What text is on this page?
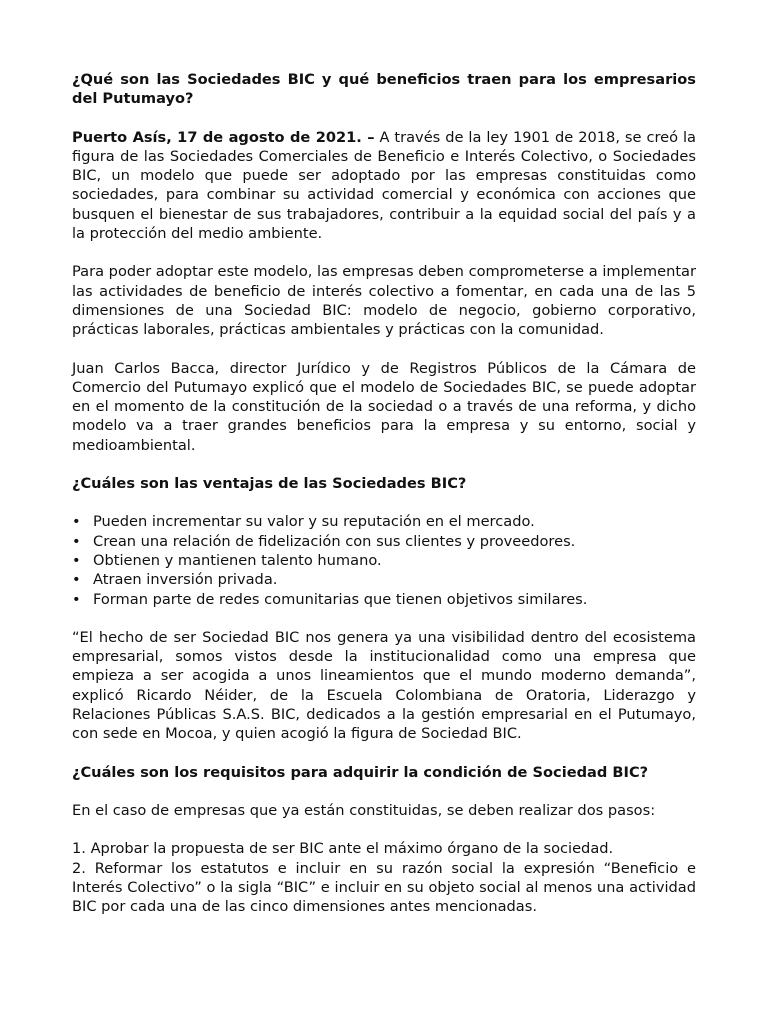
¿Qué son las Sociedades BIC y qué beneficios traen para los empresarios del Putumayo?

Puerto Asís, 17 de agosto de 2021. – A través de la ley 1901 de 2018, se creó la figura de las Sociedades Comerciales de Beneficio e Interés Colectivo, o Sociedades BIC, un modelo que puede ser adoptado por las empresas constituidas como sociedades, para combinar su actividad comercial y económica con acciones que busquen el bienestar de sus trabajadores, contribuir a la equidad social del país y a la protección del medio ambiente.

Para poder adoptar este modelo, las empresas deben comprometerse a implementar las actividades de beneficio de interés colectivo a fomentar, en cada una de las 5 dimensiones de una Sociedad BIC: modelo de negocio, gobierno corporativo, prácticas laborales, prácticas ambientales y prácticas con la comunidad.

Juan Carlos Bacca, director Jurídico y de Registros Públicos de la Cámara de Comercio del Putumayo explicó que el modelo de Sociedades BIC, se puede adoptar en el momento de la constitución de la sociedad o a través de una reforma, y dicho modelo va a traer grandes beneficios para la empresa y su entorno, social y medioambiental.

¿Cuáles son las ventajas de las Sociedades BIC?
• Pueden incrementar su valor y su reputación en el mercado.
• Crean una relación de fidelización con sus clientes y proveedores.
• Obtienen y mantienen talento humano.
• Atraen inversión privada.
• Forman parte de redes comunitarias que tienen objetivos similares.

“El hecho de ser Sociedad BIC nos genera ya una visibilidad dentro del ecosistema empresarial, somos vistos desde la institucionalidad como una empresa que empieza a ser acogida a unos lineamientos que el mundo moderno demanda”, explicó Ricardo Néider, de la Escuela Colombiana de Oratoria, Liderazgo y Relaciones Públicas S.A.S. BIC, dedicados a la gestión empresarial en el Putumayo, con sede en Mocoa, y quien acogió la figura de Sociedad BIC.

¿Cuáles son los requisitos para adquirir la condición de Sociedad BIC?

En el caso de empresas que ya están constituidas, se deben realizar dos pasos:

1. Aprobar la propuesta de ser BIC ante el máximo órgano de la sociedad.
2. Reformar los estatutos e incluir en su razón social la expresión “Beneficio e Interés Colectivo” o la sigla “BIC” e incluir en su objeto social al menos una actividad BIC por cada una de las cinco dimensiones antes mencionadas.
